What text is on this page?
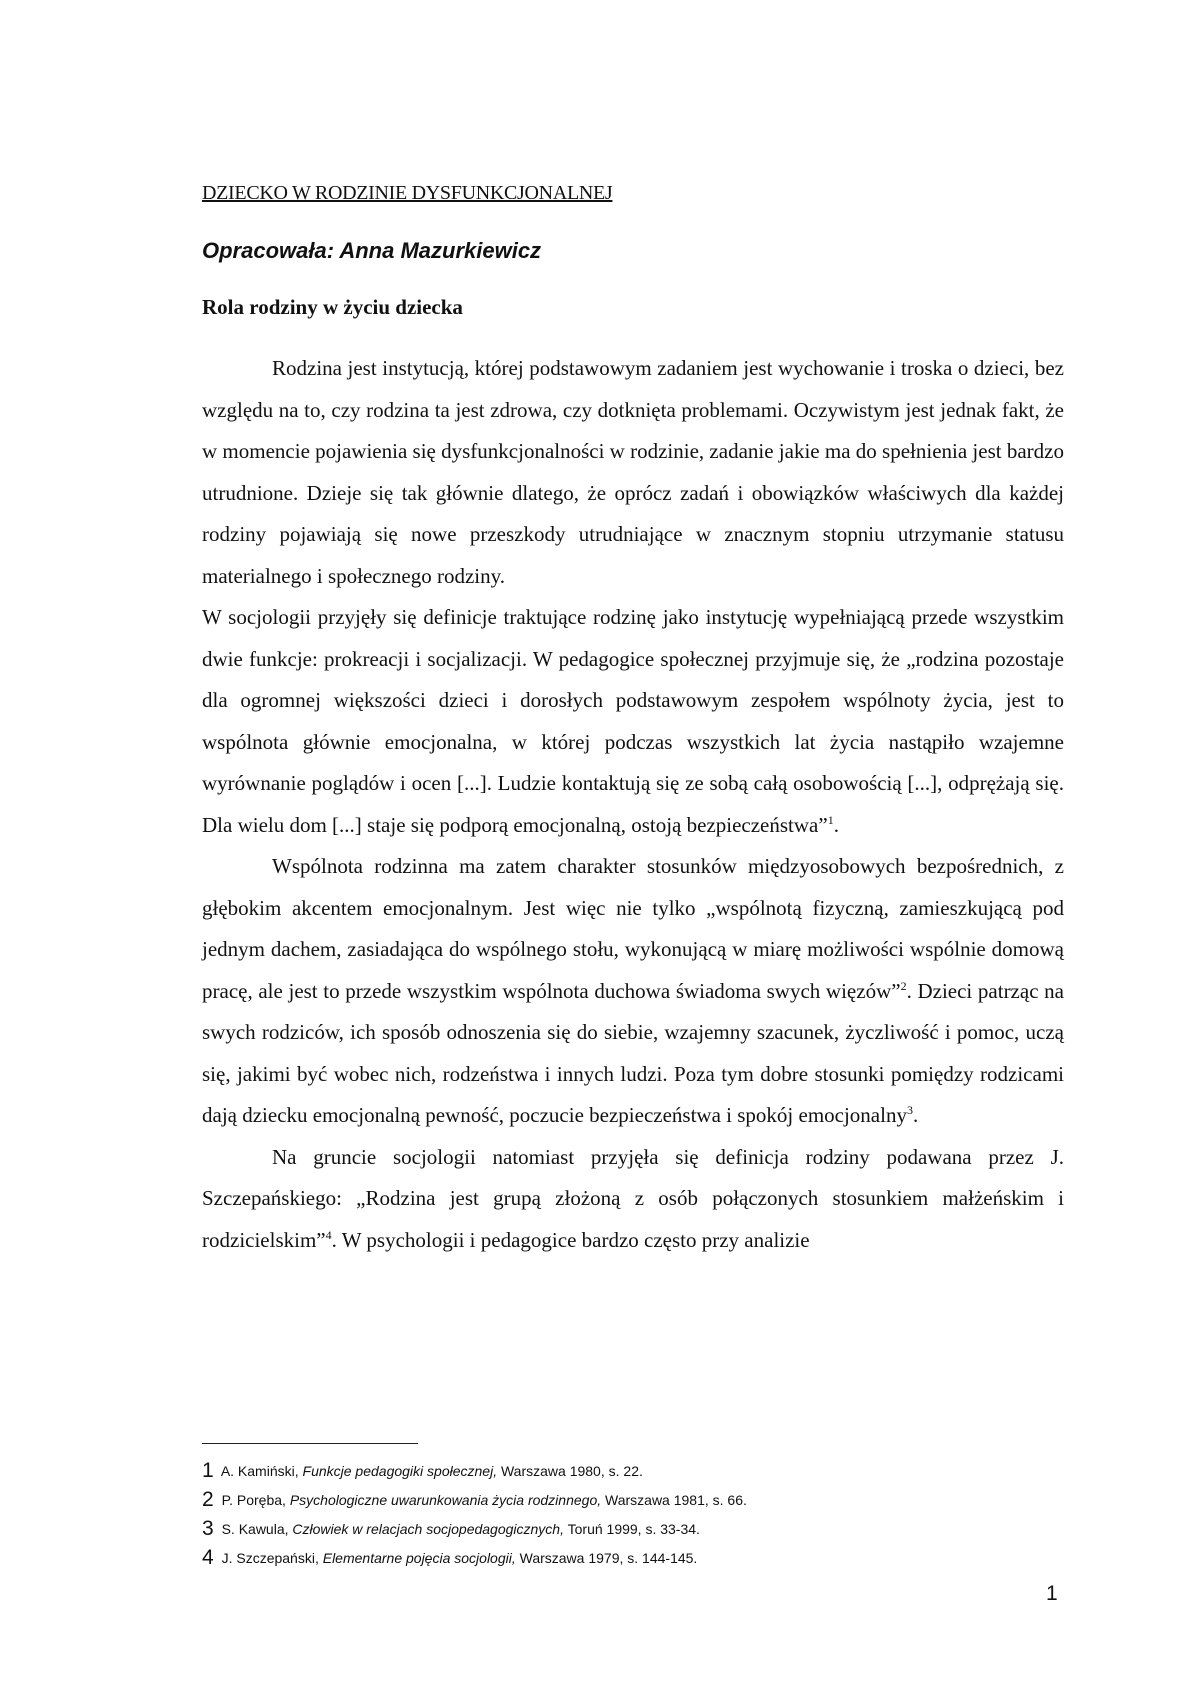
DZIECKO W RODZINIE DYSFUNKCJONALNEJ
Opracowała: Anna Mazurkiewicz
Rola rodziny w życiu dziecka

Rodzina jest instytucją, której podstawowym zadaniem jest wychowanie i troska o dzieci, bez względu na to, czy rodzina ta jest zdrowa, czy dotknięta problemami. Oczywistym jest jednak fakt, że w momencie pojawienia się dysfunkcjonalności w rodzinie, zadanie jakie ma do spełnienia jest bardzo utrudnione. Dzieje się tak głównie dlatego, że oprócz zadań i obowiązków właściwych dla każdej rodziny pojawiają się nowe przeszkody utrudniające w znacznym stopniu utrzymanie statusu materialnego i społecznego rodziny.

W socjologii przyjęły się definicje traktujące rodzinę jako instytucję wypełniającą przede wszystkim dwie funkcje: prokreacji i socjalizacji. W pedagogice społecznej przyjmuje się, że „rodzina pozostaje dla ogromnej większości dzieci i dorosłych podstawowym zespołem wspólnoty życia, jest to wspólnota głównie emocjonalna, w której podczas wszystkich lat życia nastąpiło wzajemne wyrównanie poglądów i ocen [...]. Ludzie kontaktują się ze sobą całą osobowością [...], odprężają się. Dla wielu dom [...] staje się podporą emocjonalną, ostoją bezpieczeństwa”$^1$.

Wspólnota rodzinna ma zatem charakter stosunków międzyosobowych bezpośrednich, z głębokim akcentem emocjonalnym. Jest więc nie tylko „wspólnotą fizyczną, zamieszkującą pod jednym dachem, zasiadająca do wspólnego stołu, wykonującą w miarę możliwości wspólnie domową pracę, ale jest to przede wszystkim wspólnota duchowa świadoma swych więzów”$^2$. Dzieci patrząc na swych rodziców, ich sposób odnoszenia się do siebie, wzajemny szacunek, życzliwość i pomoc, uczą się, jakimi być wobec nich, rodzeństwa i innych ludzi. Poza tym dobre stosunki pomiędzy rodzicami dają dziecku emocjonalną pewność, poczucie bezpieczeństwa i spokój emocjonalny$^3$.

Na gruncie socjologii natomiast przyjęła się definicja rodziny podawana przez J. Szczepańskiego: „Rodzina jest grupą złożoną z osób połączonych stosunkiem małżeńskim i rodzicielskim”$^4$. W psychologii i pedagogice bardzo często przy analizie

1 A. Kamiński, Funkcje pedagogiki społecznej, Warszawa 1980, s. 22.
2 P. Poręba, Psychologiczne uwarunkowania życia rodzinnego, Warszawa 1981, s. 66.
3 S. Kawula, Człowiek w relacjach socjopedagogicznych, Toruń 1999, s. 33-34.
4 J. Szczepański, Elementarne pojęcia socjologii, Warszawa 1979, s. 144-145.
1
